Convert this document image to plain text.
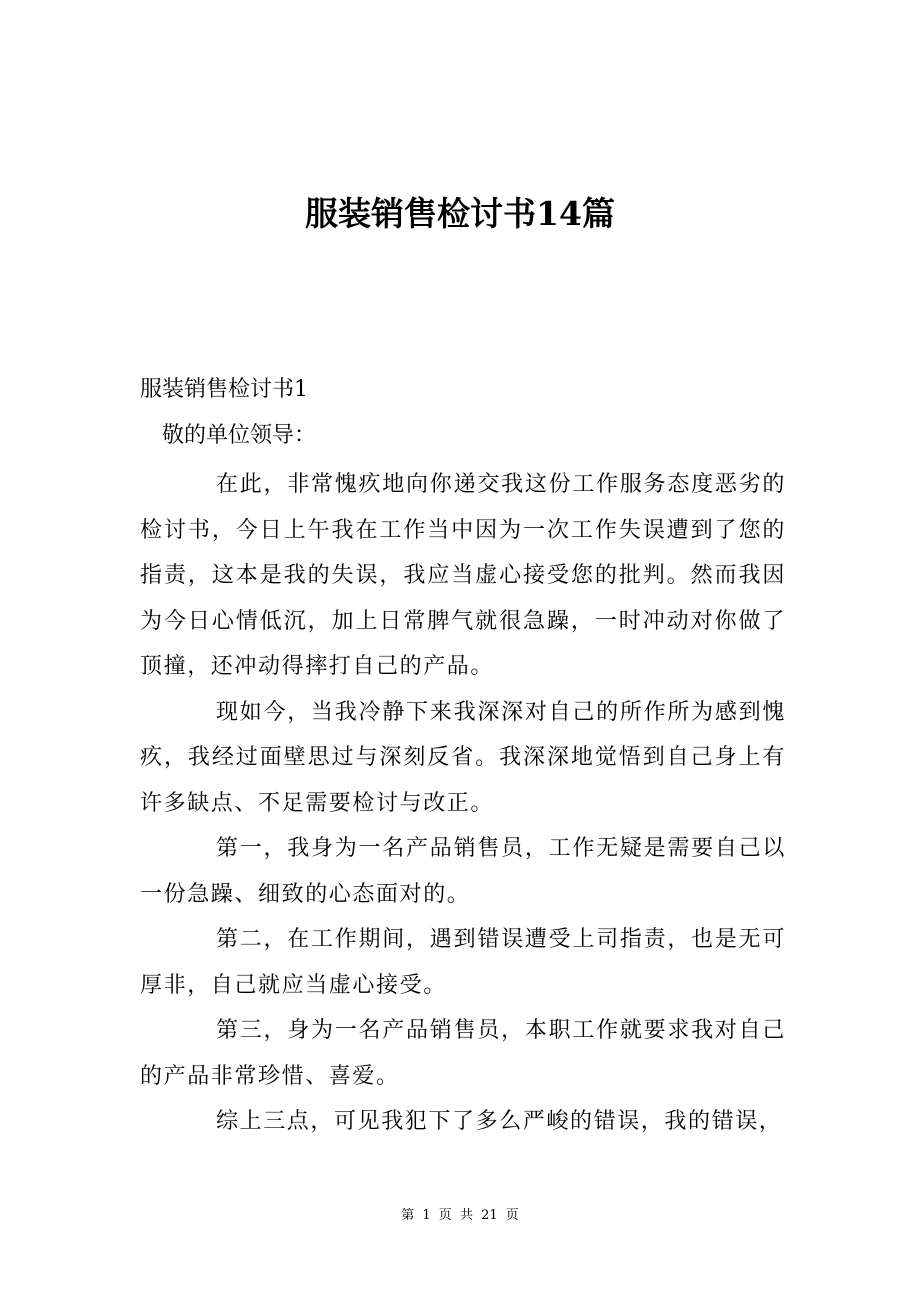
服装销售检讨书14篇
服装销售检讨书1
敬的单位领导：

在此，非常愧疚地向你递交我这份工作服务态度恶劣的检讨书，今日上午我在工作当中因为一次工作失误遭到了您的指责，这本是我的失误，我应当虚心接受您的批判。然而我因为今日心情低沉，加上日常脾气就很急躁，一时冲动对你做了顶撞，还冲动得摔打自己的产品。

现如今，当我冷静下来我深深对自己的所作所为感到愧疚，我经过面壁思过与深刻反省。我深深地觉悟到自己身上有许多缺点、不足需要检讨与改正。

第一，我身为一名产品销售员，工作无疑是需要自己以一份急躁、细致的心态面对的。

第二，在工作期间，遇到错误遭受上司指责，也是无可厚非，自己就应当虚心接受。

第三，身为一名产品销售员，本职工作就要求我对自己的产品非常珍惜、喜爱。

综上三点，可见我犯下了多么严峻的错误，我的错误，

第 1 页 共 21 页
